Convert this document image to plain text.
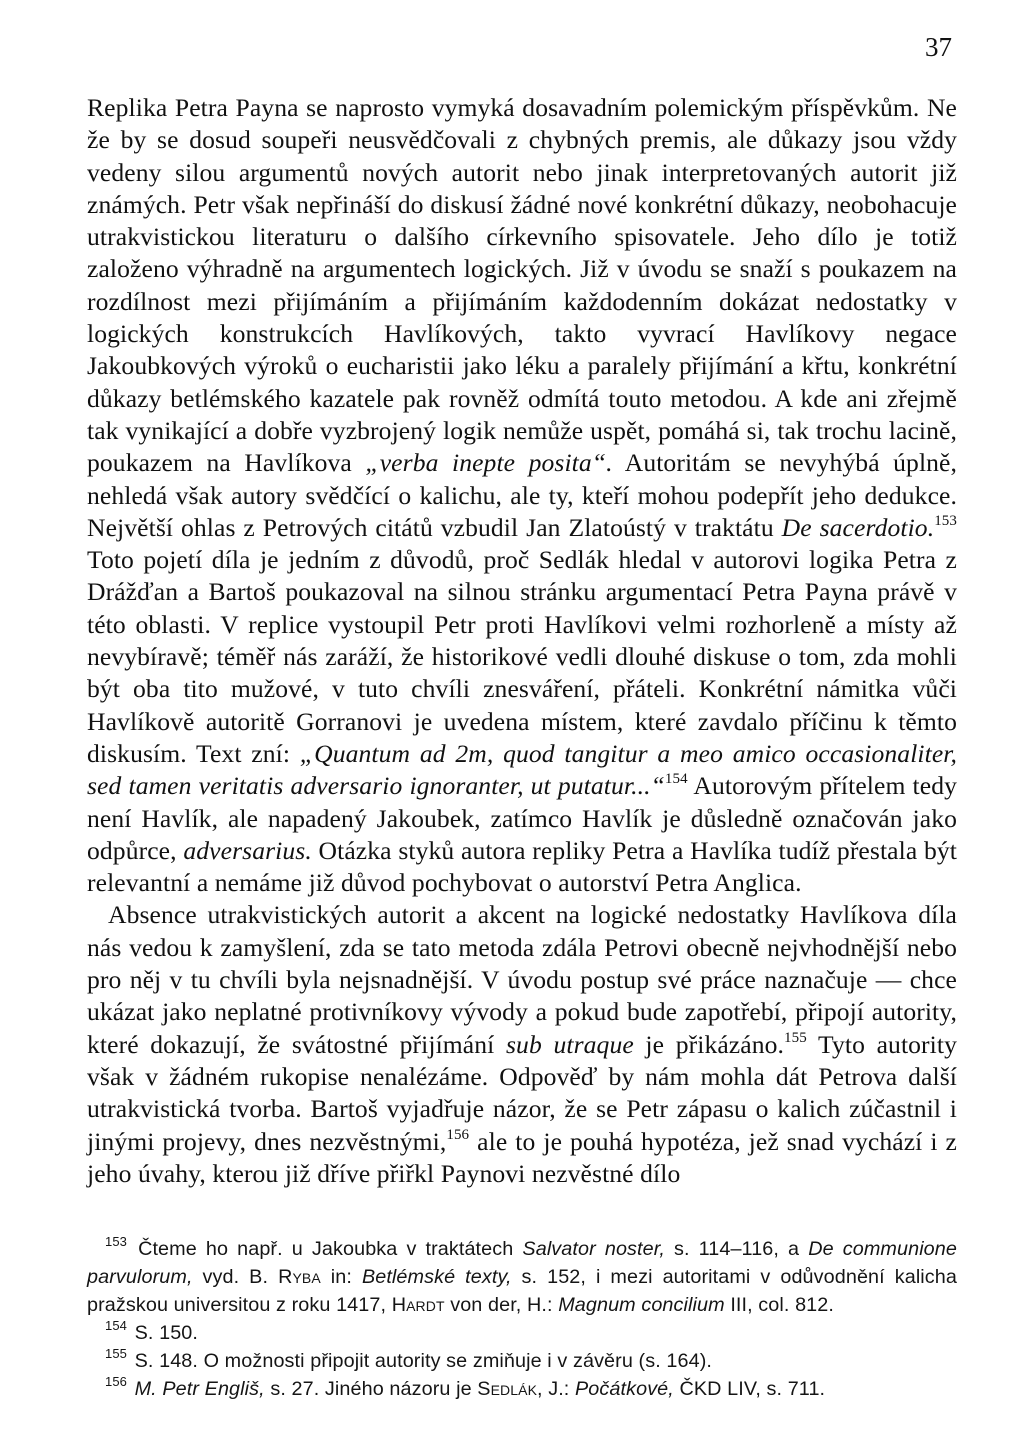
37

Replika Petra Payna se naprosto vymyká dosavadním polemickým příspěvkům. Ne že by se dosud soupeři neusvědčovali z chybných premis, ale důkazy jsou vždy vedeny silou argumentů nových autorit nebo jinak interpretovaných autorit již známých. Petr však nepřináší do diskusí žádné nové konkrétní důkazy, neobohacuje utrakvistickou literaturu o dalšího církevního spisovatele. Jeho dílo je totiž založeno výhradně na argumentech logických. Již v úvodu se snaží s poukazem na rozdílnost mezi přijímáním a přijímáním každodenním dokázat nedostatky v logických konstrukcích Havlíkových, takto vyvrací Havlíkovy negace Jakoubkových výroků o eucharistii jako léku a paralely přijímání a křtu, konkrétní důkazy betlémského kazatele pak rovněž odmítá touto metodou. A kde ani zřejmě tak vynikající a dobře vyzbrojený logik nemůže uspět, pomáhá si, tak trochu lacině, poukazem na Havlíkova „verba inepte posita“. Autoritám se nevyhýbá úplně, nehledá však autory svědčící o kalichu, ale ty, kteří mohou podepřít jeho dedukce. Největší ohlas z Petrových citátů vzbudil Jan Zlatoústý v traktátu De sacerdotio.$^{153}$ Toto pojetí díla je jedním z důvodů, proč Sedlák hledal v autorovi logika Petra z Drážďan a Bartoš poukazoval na silnou stránku argumentací Petra Payna právě v této oblasti. V replice vystoupil Petr proti Havlíkovi velmi rozhorleně a místy až nevybíravě; téměř nás zaráží, že historikové vedli dlouhé diskuse o tom, zda mohli být oba tito mužové, v tuto chvíli znesváření, přáteli. Konkrétní námitka vůči Havlíkově autoritě Gorranovi je uvedena místem, které zavdalo příčinu k těmto diskusím. Text zní: „Quantum ad 2m, quod tangitur a meo amico occasionaliter, sed tamen veritatis adversario ignoranter, ut putatur...“$^{154}$ Autorovým přítelem tedy není Havlík, ale napadený Jakoubek, zatímco Havlík je důsledně označován jako odpůrce, adversarius. Otázka styků autora repliky Petra a Havlíka tudíž přestala být relevantní a nemáme již důvod pochybovat o autorství Petra Anglica.

Absence utrakvistických autorit a akcent na logické nedostatky Havlíkova díla nás vedou k zamyšlení, zda se tato metoda zdála Petrovi obecně nejvhodnější nebo pro něj v tu chvíli byla nejsnadnější. V úvodu postup své práce naznačuje — chce ukázat jako neplatné protivníkovy vývody a pokud bude zapotřebí, připojí autority, které dokazují, že svátostné přijímání sub utraque je přikázáno.$^{155}$ Tyto autority však v žádném rukopise nenalézáme. Odpověď by nám mohla dát Petrova další utrakvistická tvorba. Bartoš vyjadřuje názor, že se Petr zápasu o kalich zúčastnil i jinými projevy, dnes nezvěstnými,$^{156}$ ale to je pouhá hypotéza, jež snad vychází i z jeho úvahy, kterou již dříve přiřkl Paynovi nezvěstné dílo

$^{153}$ Čteme ho např. u Jakoubka v traktátech Salvator noster, s. 114–116, a De communione parvulorum, vyd. B. Ryba in: Betlémské texty, s. 152, i mezi autoritami v odůvodnění kalicha pražskou universitou z roku 1417, Hardt von der, H.: Magnum concilium III, col. 812.

$^{154}$ S. 150.

$^{155}$ S. 148. O možnosti připojit autority se zmiňuje i v závěru (s. 164).

$^{156}$ M. Petr Engliš, s. 27. Jiného názoru je Sedlák, J.: Počátkové, ČKD LIV, s. 711.
